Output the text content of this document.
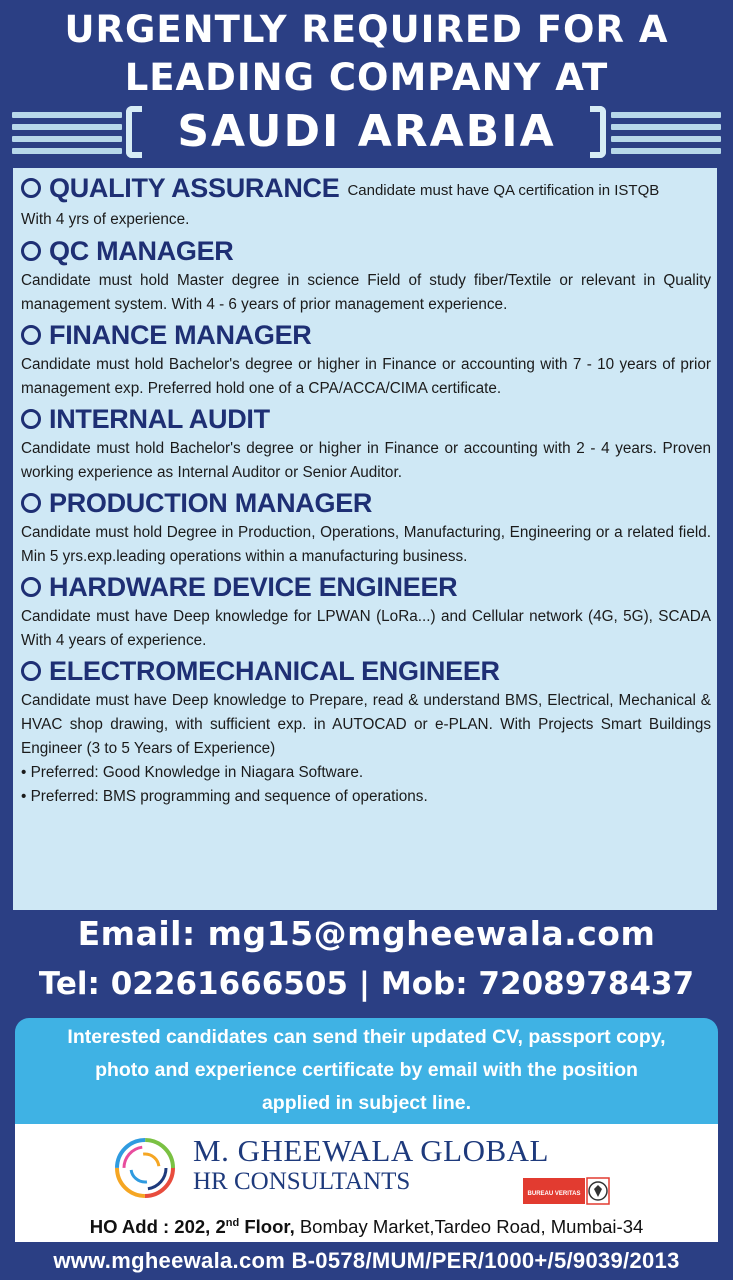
URGENTLY REQUIRED FOR A
LEADING COMPANY AT
SAUDI ARABIA
QUALITY ASSURANCE Candidate must have QA certification in ISTQB
With 4 yrs of experience.
QC MANAGER
Candidate must hold Master degree in science Field of study fiber/Textile or relevant in Quality management system. With 4 - 6 years of prior management experience.
FINANCE MANAGER
Candidate must hold Bachelor's degree or higher in Finance or accounting with 7 - 10 years of prior management exp. Preferred hold one of a CPA/ACCA/CIMA certificate.
INTERNAL AUDIT
Candidate must hold Bachelor's degree or higher in Finance or accounting with 2 - 4 years. Proven working experience as Internal Auditor or Senior Auditor.
PRODUCTION MANAGER
Candidate must hold Degree in Production, Operations, Manufacturing, Engineering or a related field. Min 5 yrs.exp.leading operations within a manufacturing business.
HARDWARE DEVICE ENGINEER
Candidate must have Deep knowledge for LPWAN (LoRa...) and Cellular network (4G, 5G), SCADA With 4 years of experience.
ELECTROMECHANICAL ENGINEER
Candidate must have Deep knowledge to Prepare, read & understand BMS, Electrical, Mechanical & HVAC shop drawing, with sufficient exp. in AUTOCAD or e-PLAN. With Projects Smart Buildings Engineer (3 to 5 Years of Experience)
• Preferred: Good Knowledge in Niagara Software.
• Preferred: BMS programming and sequence of operations.
Email: mg15@mgheewala.com
Tel: 02261666505 | Mob: 7208978437
Interested candidates can send their updated CV, passport copy,
photo and experience certificate by email with the position
applied in subject line.
M. GHEEWALA GLOBAL
HR CONSULTANTS	BUREAU VERITAS
HO Add : 202, 2nd Floor, Bombay Market,Tardeo Road, Mumbai-34
www.mgheewala.com B-0578/MUM/PER/1000+/5/9039/2013
